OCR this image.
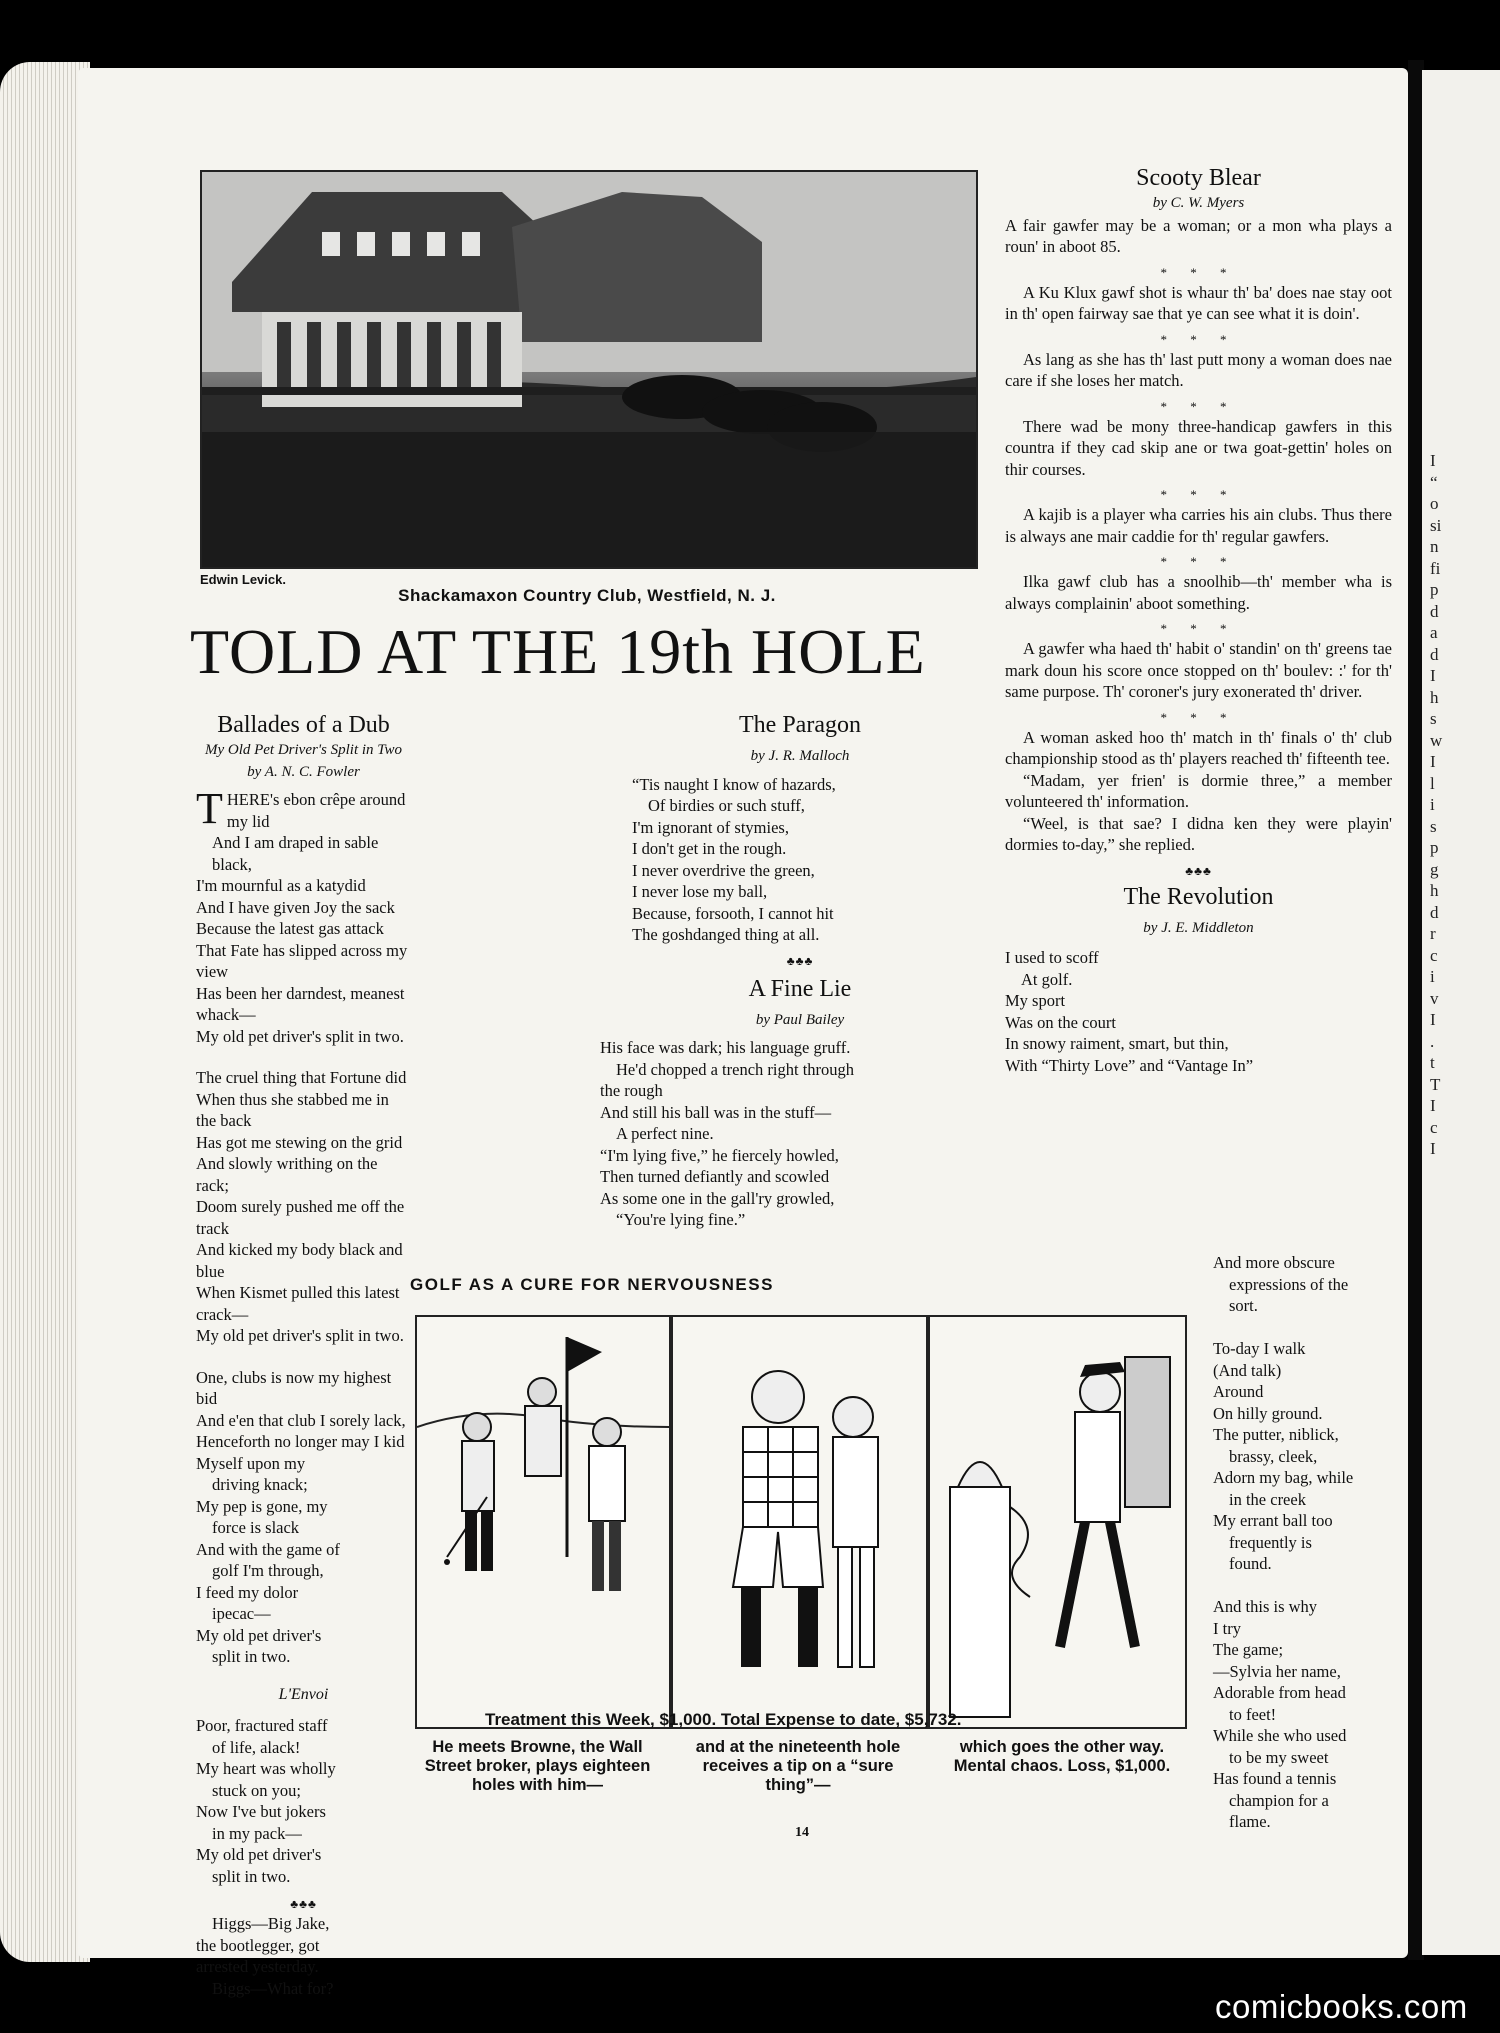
I
“
o
si
n
fi
p
d
a
d
I
h
s
w
I
l
i
s
p
g
h
d
r
c
i
v
I
.
t
T
I
c
I
Edwin Levick.
Shackamaxon Country Club, Westfield, N. J.
TOLD AT THE 19th HOLE
Ballades of a Dub
My Old Pet Driver's Split in Two
by A. N. C. Fowler
THERE's ebon crêpe around my lid
And I am draped in sable black,
I'm mournful as a katydid
And I have given Joy the sack
Because the latest gas attack
That Fate has slipped across my view
Has been her darndest, meanest whack—
My old pet driver's split in two.
The cruel thing that Fortune did
When thus she stabbed me in the back
Has got me stewing on the grid
And slowly writhing on the rack;
Doom surely pushed me off the track
And kicked my body black and blue
When Kismet pulled this latest crack—
My old pet driver's split in two.
One, clubs is now my highest bid
And e'en that club I sorely lack,
Henceforth no longer may I kid
Myself upon my
driving knack;
My pep is gone, my
force is slack
And with the game of
golf I'm through,
I feed my dolor
ipecac—
My old pet driver's
split in two.
L'Envoi
Poor, fractured staff
of life, alack!
My heart was wholly
stuck on you;
Now I've but jokers
in my pack—
My old pet driver's
split in two.
♣♣♣
Higgs—Big Jake,
the bootlegger, got
arrested yesterday.
Biggs—What for?
The Paragon
by J. R. Malloch
“Tis naught I know of hazards,
Of birdies or such stuff,
I'm ignorant of stymies,
I don't get in the rough.
I never overdrive the green,
I never lose my ball,
Because, forsooth, I cannot hit
The goshdanged thing at all.
♣♣♣
A Fine Lie
by Paul Bailey
His face was dark; his language gruff.
He'd chopped a trench right through
the rough
And still his ball was in the stuff—
A perfect nine.
“I'm lying five,” he fiercely howled,
Then turned defiantly and scowled
As some one in the gall'ry growled,
“You're lying fine.”
Scooty Blear
by C. W. Myers

A fair gawfer may be a woman; or a mon wha plays a roun' in aboot 85.

* * *

A Ku Klux gawf shot is whaur th' ba' does nae stay oot in th' open fairway sae that ye can see what it is doin'.

* * *

As lang as she has th' last putt mony a woman does nae care if she loses her match.

* * *

There wad be mony three-handicap gawfers in this countra if they cad skip ane or twa goat-gettin' holes on thir courses.

* * *

A kajib is a player wha carries his ain clubs. Thus there is always ane mair caddie for th' regular gawfers.

* * *

Ilka gawf club has a snoolhib—th' member wha is always complainin' aboot something.

* * *

A gawfer wha haed th' habit o' standin' on th' greens tae mark doun his score once stopped on th' boulev: :' for th' same purpose. Th' coroner's jury exonerated th' driver.

* * *

A woman asked hoo th' match in th' finals o' th' club championship stood as th' players reached th' fifteenth tee.

“Madam, yer frien' is dormie three,” a member volunteered th' information.

“Weel, is that sae? I didna ken they were playin' dormies to-day,” she replied.

♣♣♣
The Revolution
by J. E. Middleton
I used to scoff
At golf.
My sport
Was on the court
In snowy raiment, smart, but thin,
With “Thirty Love” and “Vantage In”
And more obscure
expressions of the
sort.

To-day I walk
(And talk)
Around
On hilly ground.
The putter, niblick,
brassy, cleek,
Adorn my bag, while
in the creek
My errant ball too
frequently is
found.

And this is why
I try
The game;
—Sylvia her name,
Adorable from head
to feet!
While she who used
to be my sweet
Has found a tennis
champion for a
flame.
GOLF AS A CURE FOR NERVOUSNESS
Treatment this Week, $1,000. Total Expense to date, $5,732.
He meets Browne, the Wall Street broker, plays eighteen holes with him—
and at the nineteenth hole receives a tip on a “sure thing”—
which goes the other way. Mental chaos. Loss, $1,000.
14
comicbooks.com
